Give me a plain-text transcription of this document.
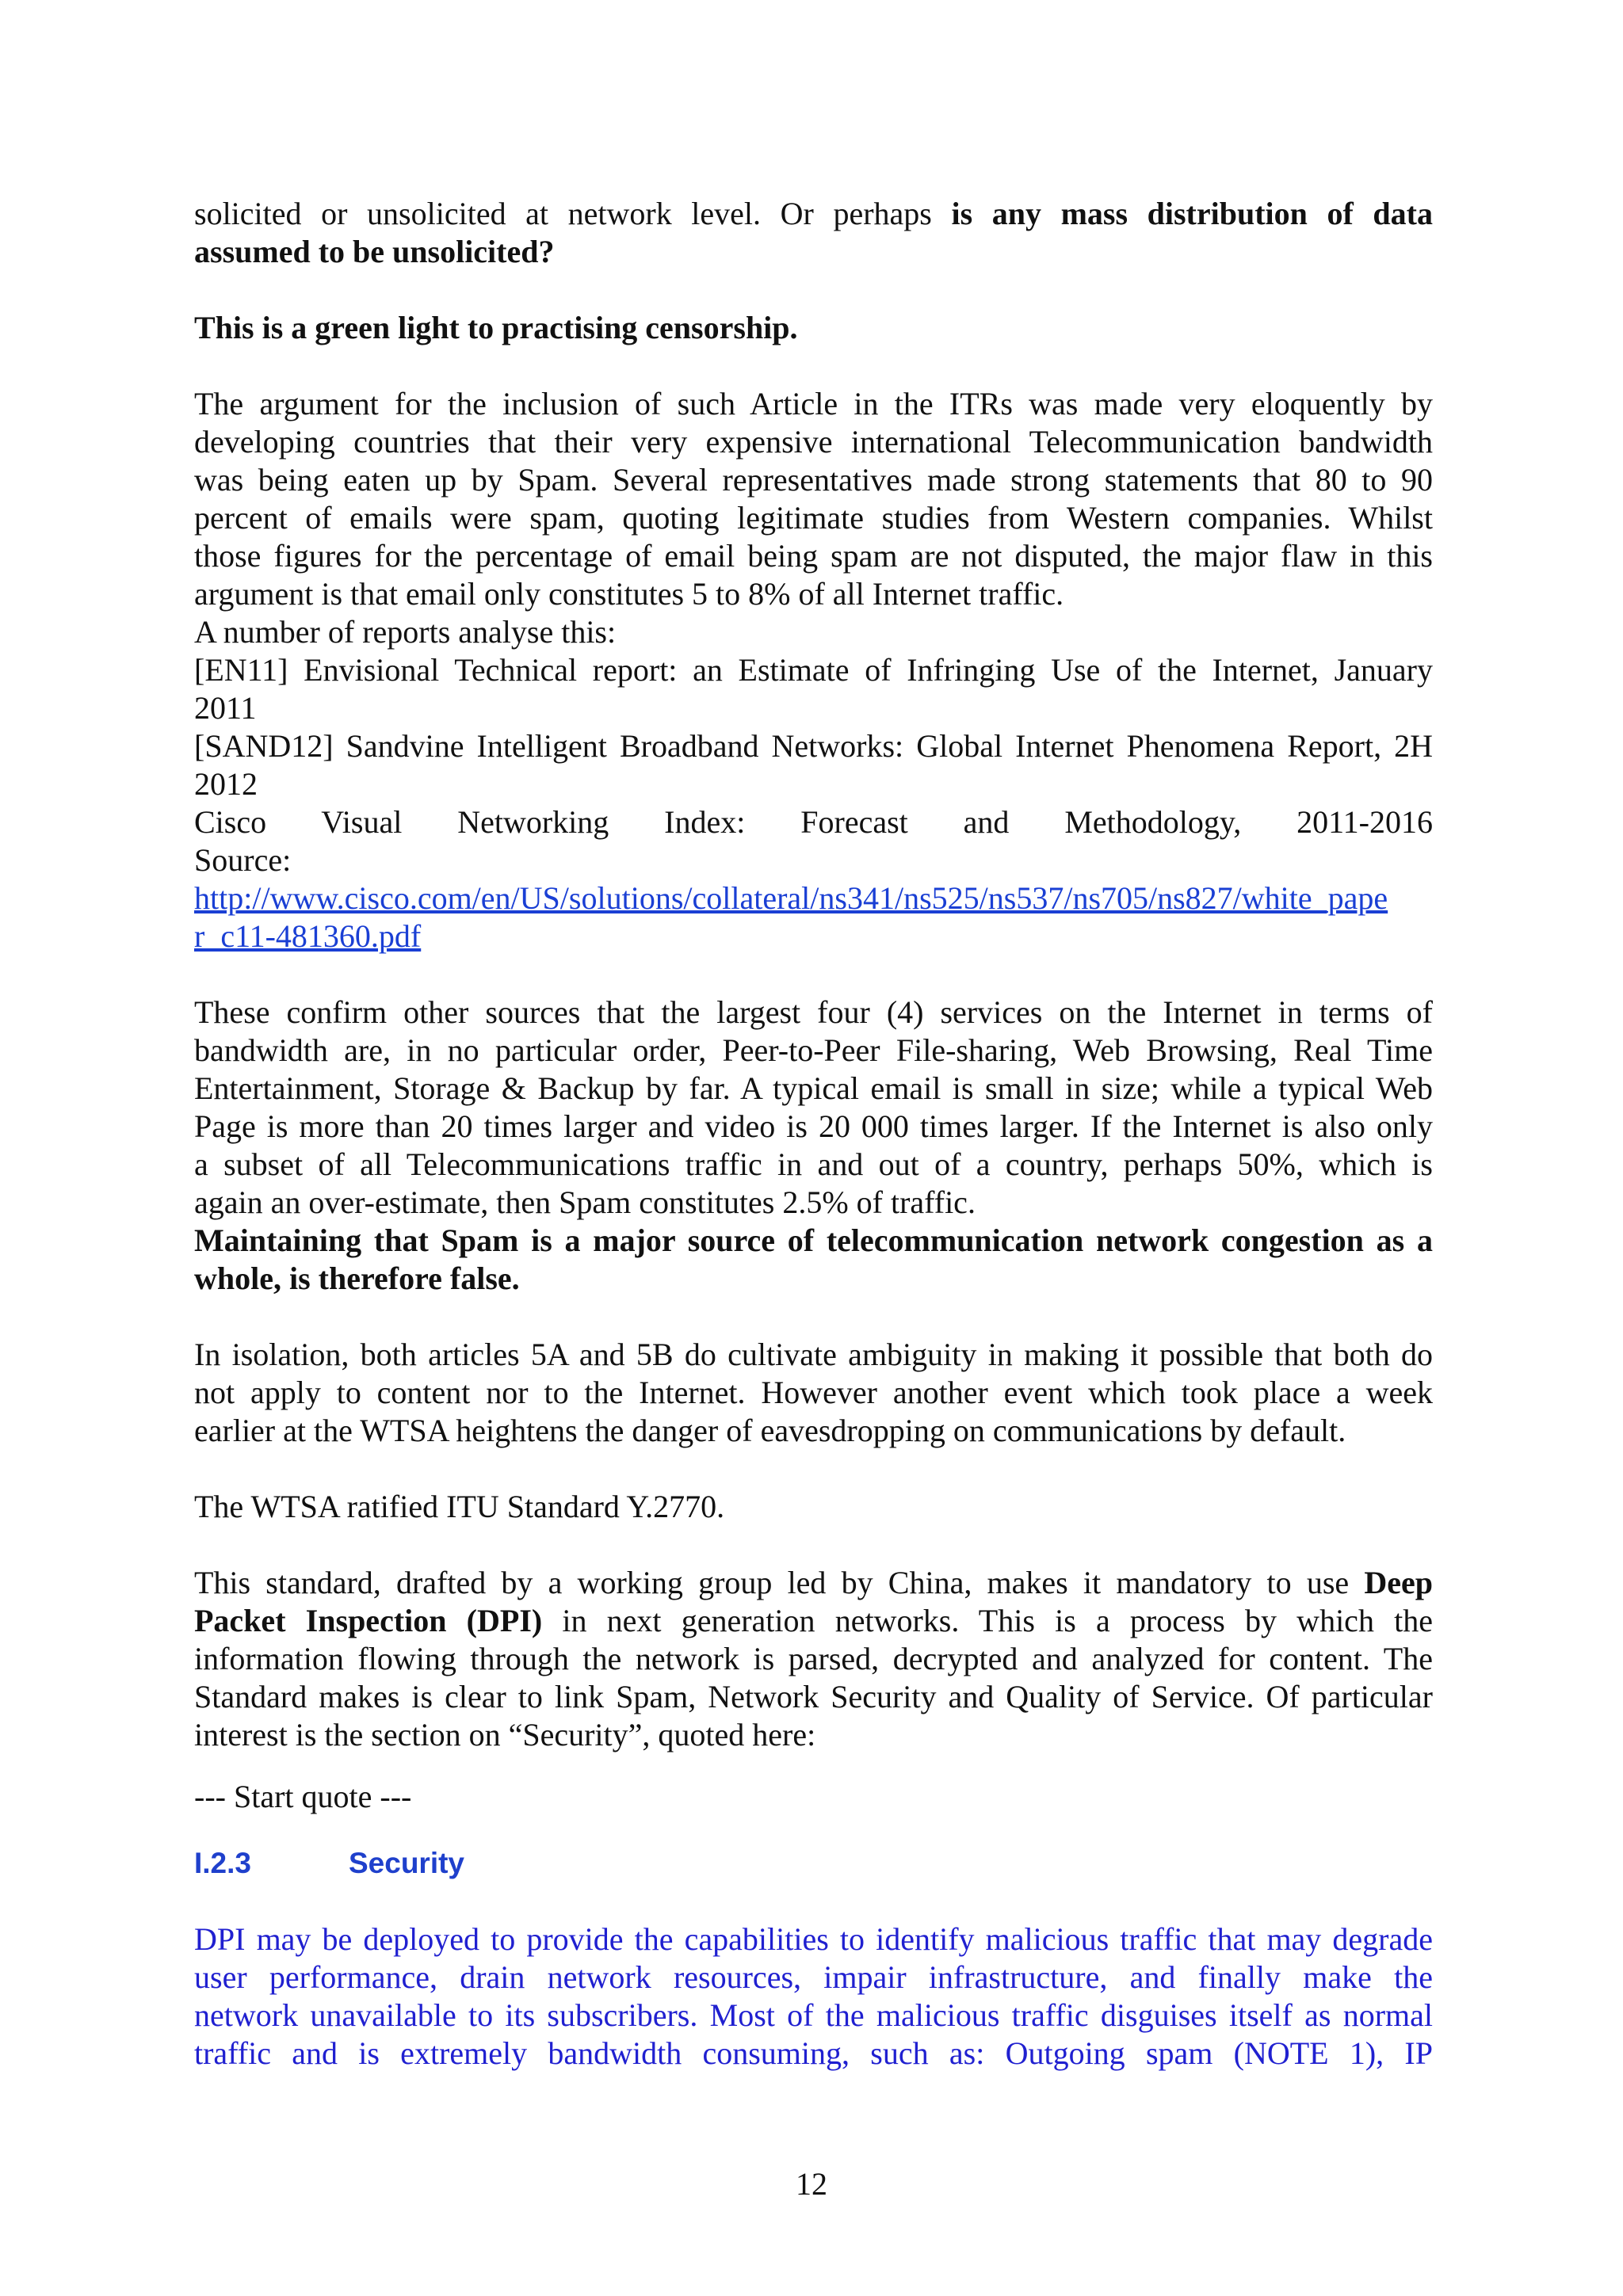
solicited or unsolicited at network level. Or perhaps is any mass distribution of data
assumed to be unsolicited?
This is a green light to practising censorship.
The argument for the inclusion of such Article in the ITRs was made very eloquently by
developing countries that their very expensive international Telecommunication bandwidth
was being eaten up by Spam. Several representatives made strong statements that 80 to 90
percent of emails were spam, quoting legitimate studies from Western companies. Whilst
those figures for the percentage of email being spam are not disputed, the major flaw in this
argument is that email only constitutes 5 to 8% of all Internet traffic.
A number of reports analyse this:
[EN11] Envisional Technical report: an Estimate of Infringing Use of the Internet, January
2011
[SAND12] Sandvine Intelligent Broadband Networks: Global Internet Phenomena Report, 2H
2012
Cisco Visual Networking Index: Forecast and Methodology, 2011-2016
Source:
http://www.cisco.com/en/US/solutions/collateral/ns341/ns525/ns537/ns705/ns827/white_pape
r_c11-481360.pdf
These confirm other sources that the largest four (4) services on the Internet in terms of
bandwidth are, in no particular order, Peer-to-Peer File-sharing, Web Browsing, Real Time
Entertainment, Storage & Backup by far. A typical email is small in size; while a typical Web
Page is more than 20 times larger and video is 20 000 times larger. If the Internet is also only
a subset of all Telecommunications traffic in and out of a country, perhaps 50%, which is
again an over-estimate, then Spam constitutes 2.5% of traffic.
Maintaining that Spam is a major source of telecommunication network congestion as a
whole, is therefore false.
In isolation, both articles 5A and 5B do cultivate ambiguity in making it possible that both do
not apply to content nor to the Internet. However another event which took place a week
earlier at the WTSA heightens the danger of eavesdropping on communications by default.
The WTSA ratified ITU Standard Y.2770.
This standard, drafted by a working group led by China, makes it mandatory to use Deep
Packet Inspection (DPI) in next generation networks. This is a process by which the
information flowing through the network is parsed, decrypted and analyzed for content. The
Standard makes is clear to link Spam, Network Security and Quality of Service. Of particular
interest is the section on “Security”, quoted here:
--- Start quote ---
I.2.3	Security
DPI may be deployed to provide the capabilities to identify malicious traffic that may degrade
user performance, drain network resources, impair infrastructure, and finally make the
network unavailable to its subscribers. Most of the malicious traffic disguises itself as normal
traffic and is extremely bandwidth consuming, such as: Outgoing spam (NOTE 1), IP
12
